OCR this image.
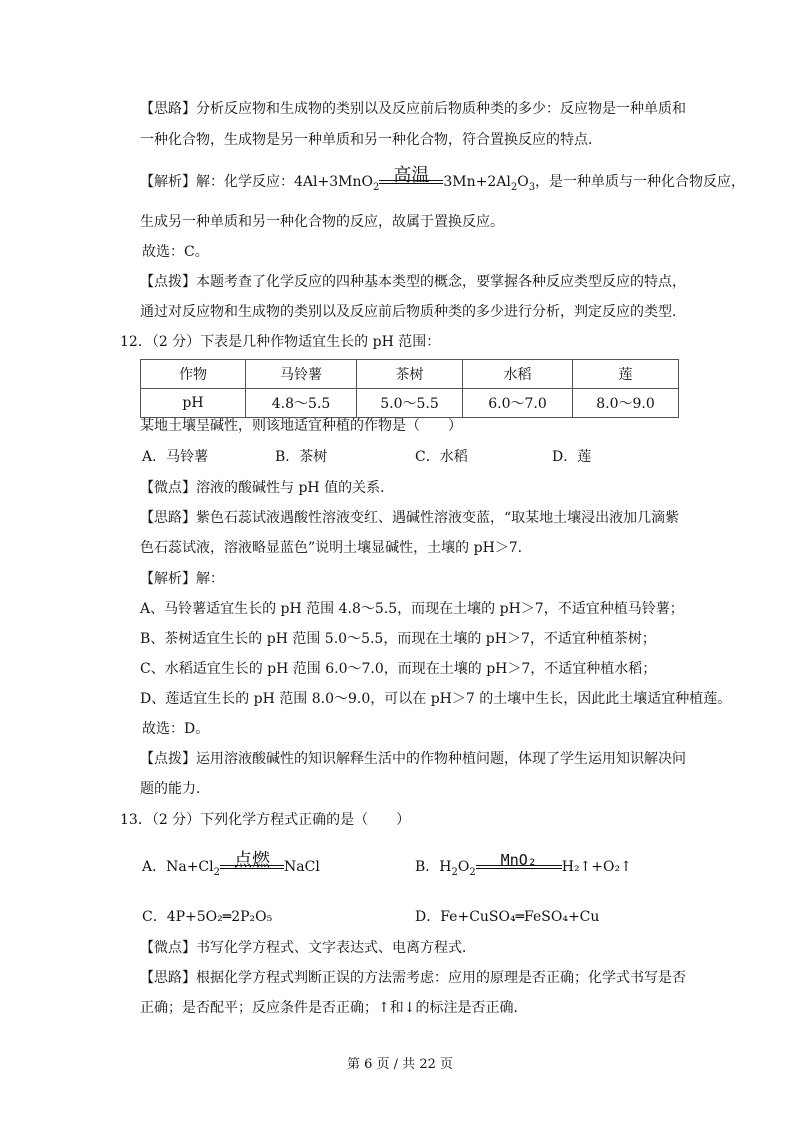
【思路】分析反应物和生成物的类别以及反应前后物质种类的多少：反应物是一种单质和
一种化合物，生成物是另一种单质和另一种化合物，符合置换反应的特点．
【解析】解：化学反应：4Al+3MnO$_2$
高温	$3Mn+2Al_2O_3$，是一种单质与一种化合物反应，
生成另一种单质和另一种化合物的反应，故属于置换反应。
故选：C。
【点拨】本题考查了化学反应的四种基本类型的概念，要掌握各种反应类型反应的特点，
通过对反应物和生成物的类别以及反应前后物质种类的多少进行分析，判定反应的类型．
12．（2 分）下表是几种作物适宜生长的 pH 范围：
作物	马铃薯	茶树	水稻	莲
pH	4.8～5.5	5.0～5.5	6.0～7.0	8.0～9.0
某地土壤呈碱性，则该地适宜种植的作物是（　　）
A．马铃薯	B．茶树	C．水稻	D．莲
【微点】溶液的酸碱性与 pH 值的关系．
【思路】紫色石蕊试液遇酸性溶液变红、遇碱性溶液变蓝，“取某地土壤浸出液加几滴紫
色石蕊试液，溶液略显蓝色”说明土壤显碱性，土壤的 pH＞7.
【解析】解：
A、马铃薯适宜生长的 pH 范围 4.8～5.5，而现在土壤的 pH＞7，不适宜种植马铃薯；
B、茶树适宜生长的 pH 范围 5.0～5.5，而现在土壤的 pH＞7，不适宜种植茶树；
C、水稻适宜生长的 pH 范围 6.0～7.0，而现在土壤的 pH＞7，不适宜种植水稻；
D、莲适宜生长的 pH 范围 8.0～9.0，可以在 pH＞7 的土壤中生长，因此此土壤适宜种植莲。
故选：D。
【点拨】运用溶液酸碱性的知识解释生活中的作物种植问题，体现了学生运用知识解决问
题的能力．
13．（2 分）下列化学方程式正确的是（　　）
A．$Na+Cl_2$
点燃	NaCl	B．$H_2O_2$
MnO₂	H₂↑+O₂↑
C．4P+5O₂═2P₂O₅	D．Fe+CuSO₄═FeSO₄+Cu
【微点】书写化学方程式、文字表达式、电离方程式．
【思路】根据化学方程式判断正误的方法需考虑：应用的原理是否正确；化学式书写是否
正确；是否配平；反应条件是否正确；↑和↓的标注是否正确．
第 6 页 / 共 22 页
